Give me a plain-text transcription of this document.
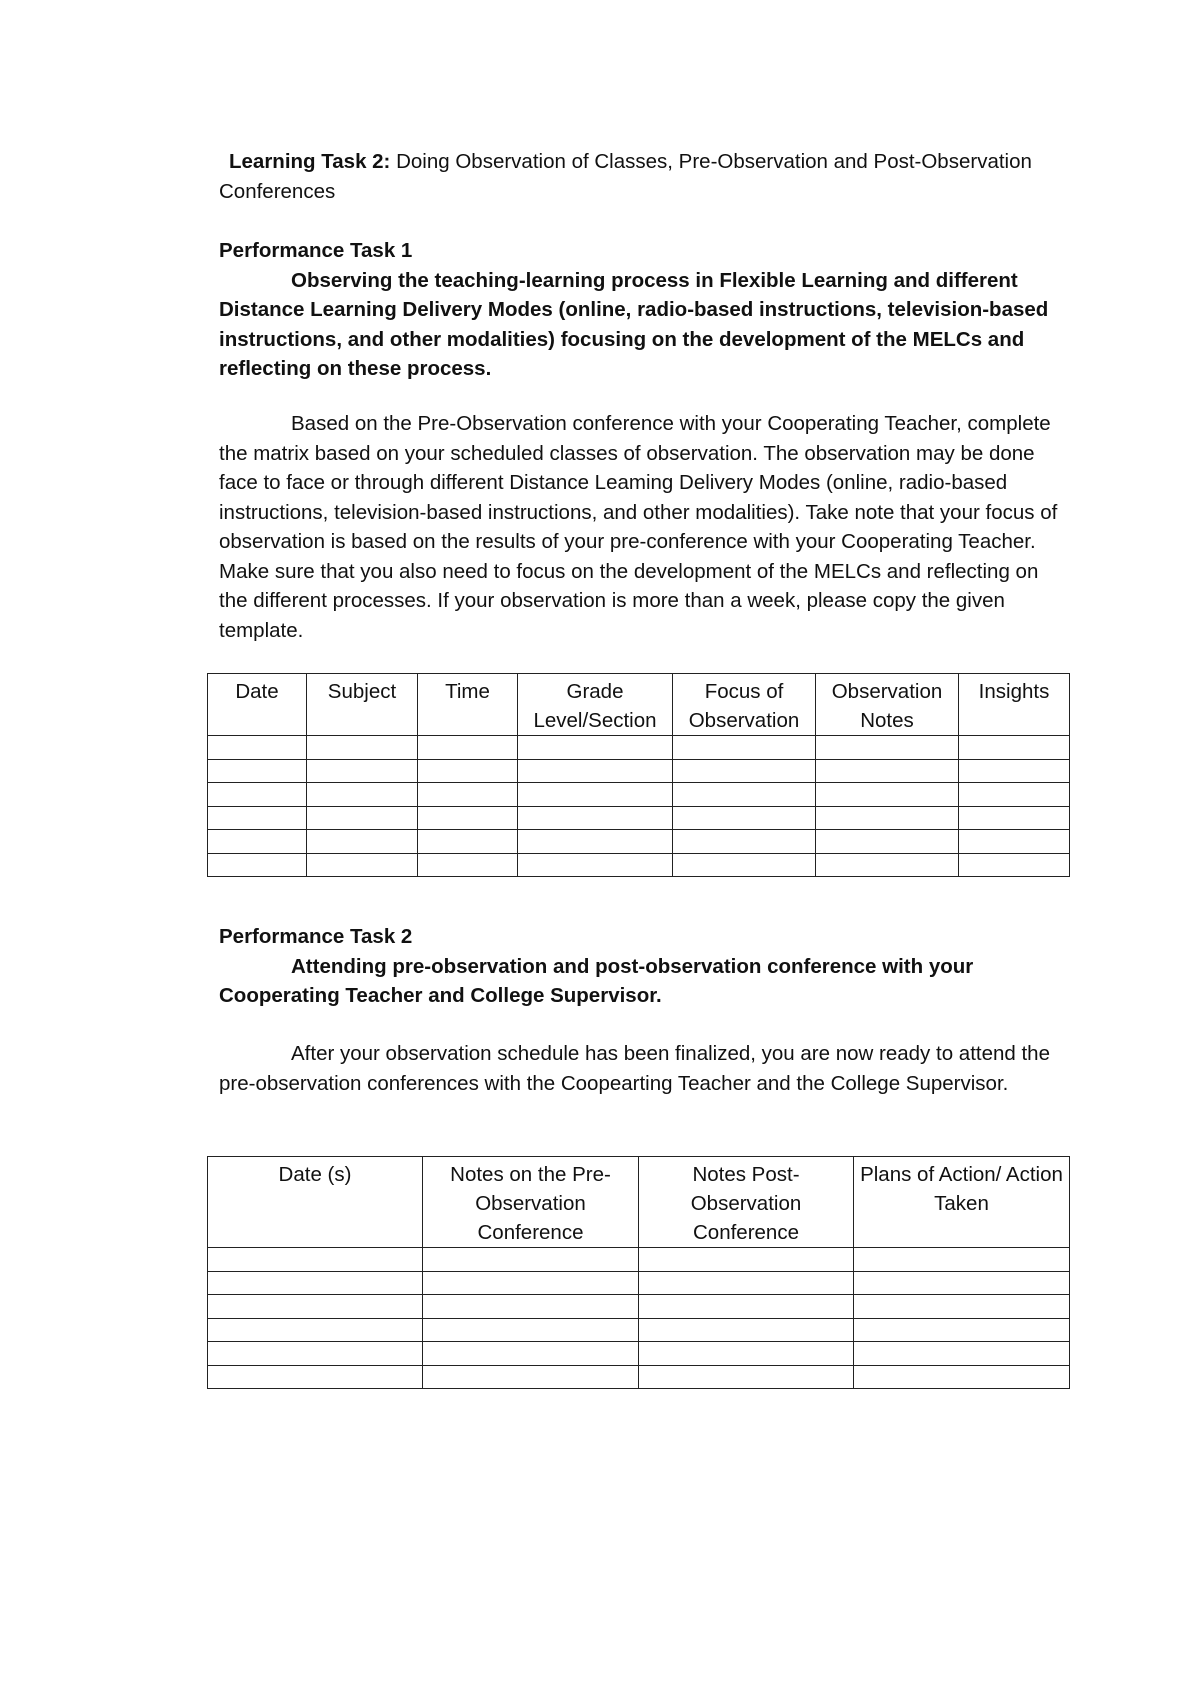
Learning Task 2: Doing Observation of Classes, Pre-Observation and Post-Observation Conferences

Performance Task 1

Observing the teaching-learning process in Flexible Learning and different Distance Learning Delivery Modes (online, radio-based instructions, television-based instructions, and other modalities) focusing on the development of the MELCs and reflecting on these process.

Based on the Pre-Observation conference with your Cooperating Teacher, complete the matrix based on your scheduled classes of observation. The observation may be done face to face or through different Distance Leaming Delivery Modes (online, radio-based instructions, television-based instructions, and other modalities). Take note that your focus of observation is based on the results of your pre-conference with your Cooperating Teacher. Make sure that you also need to focus on the development of the MELCs and reflecting on the different processes. If your observation is more than a week, please copy the given template.

Date	Subject	Time	Grade Level/Section	Focus of Observation	Observation Notes	Insights

Performance Task 2

Attending pre-observation and post-observation conference with your Cooperating Teacher and College Supervisor.

After your observation schedule has been finalized, you are now ready to attend the pre-observation conferences with the Coopearting Teacher and the College Supervisor.

Date (s)	Notes on the Pre-Observation Conference	Notes Post-Observation Conference	Plans of Action/ Action Taken
